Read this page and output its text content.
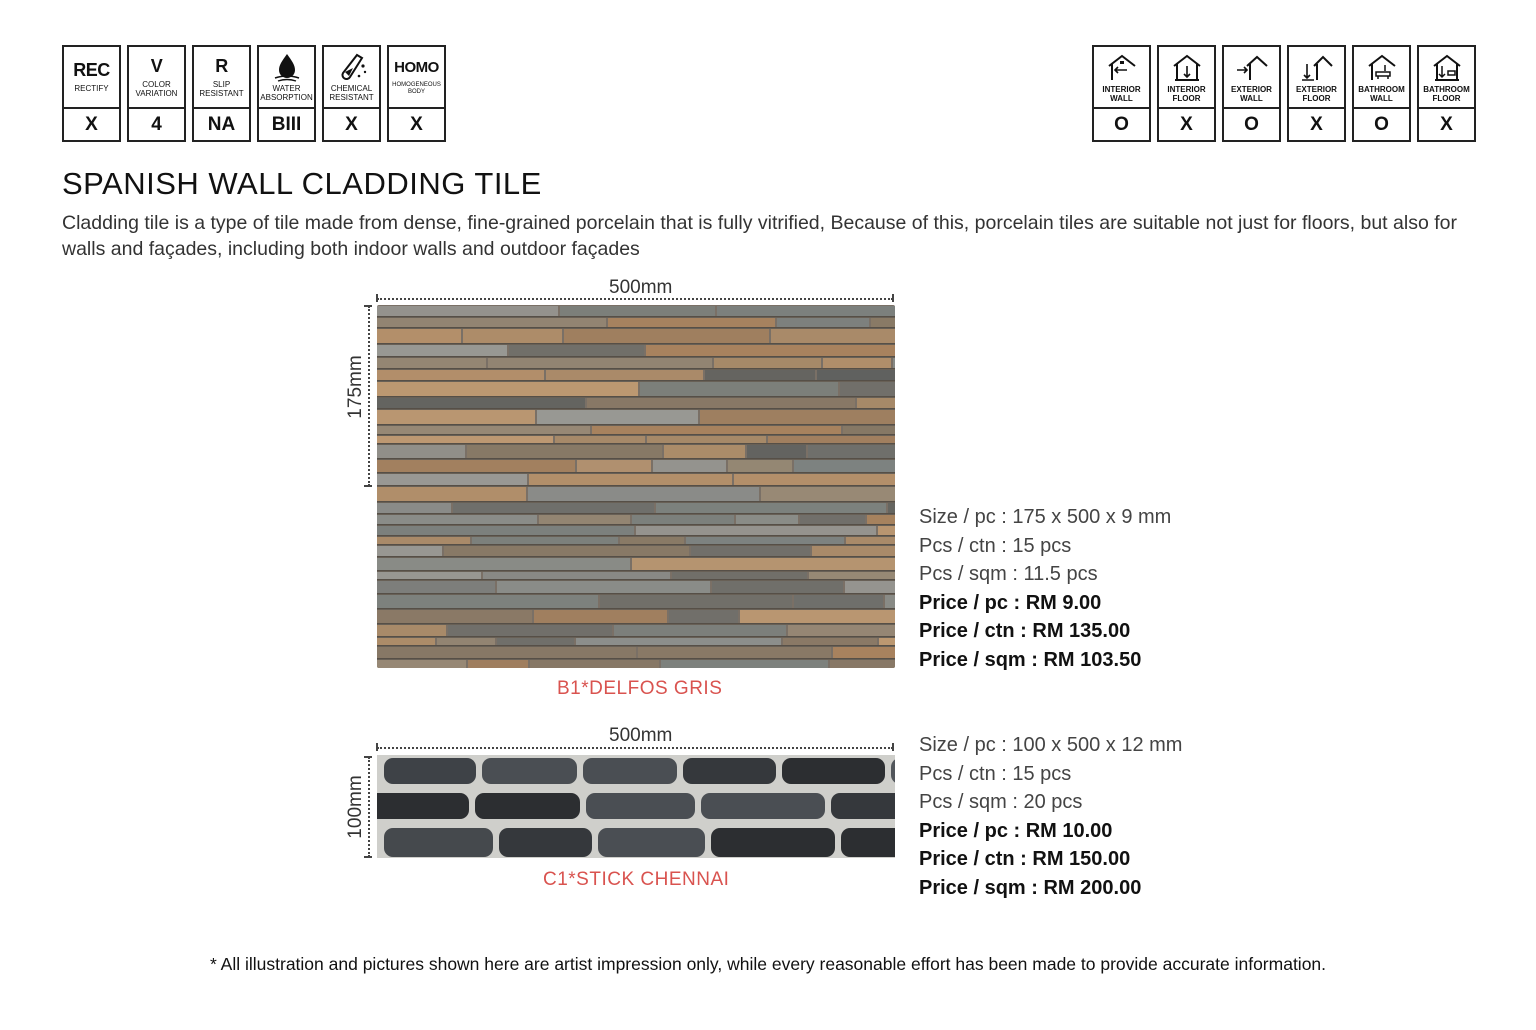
REC
RECTIFY
X
V
COLOR VARIATION
4
R
SLIP RESISTANT
NA
WATER ABSORPTION
BIII
CHEMICAL RESISTANT
X
HOMO
HOMOGENEOUS BODY
X
INTERIOR WALL
O
INTERIOR FLOOR
X
EXTERIOR WALL
O
EXTERIOR FLOOR
X
BATHROOM WALL
O
BATHROOM FLOOR
X
SPANISH WALL CLADDING TILE

Cladding tile is a type of tile made from dense, fine-grained porcelain that is fully vitrified, Because of this, porcelain tiles are suitable not just for floors, but also for walls and façades, including both indoor walls and outdoor façades

500mm
175mm
B1*DELFOS GRIS
Size / pc : 175 x 500 x 9 mm
Pcs / ctn : 15 pcs
Pcs / sqm : 11.5 pcs
Price / pc : RM 9.00
Price / ctn : RM 135.00
Price / sqm : RM 103.50
500mm
100mm
C1*STICK CHENNAI
Size / pc : 100 x 500 x 12 mm
Pcs / ctn : 15 pcs
Pcs / sqm : 20 pcs
Price / pc : RM 10.00
Price / ctn : RM 150.00
Price / sqm : RM 200.00
* All illustration and pictures shown here are artist impression only, while every reasonable effort has been made to provide accurate information.
